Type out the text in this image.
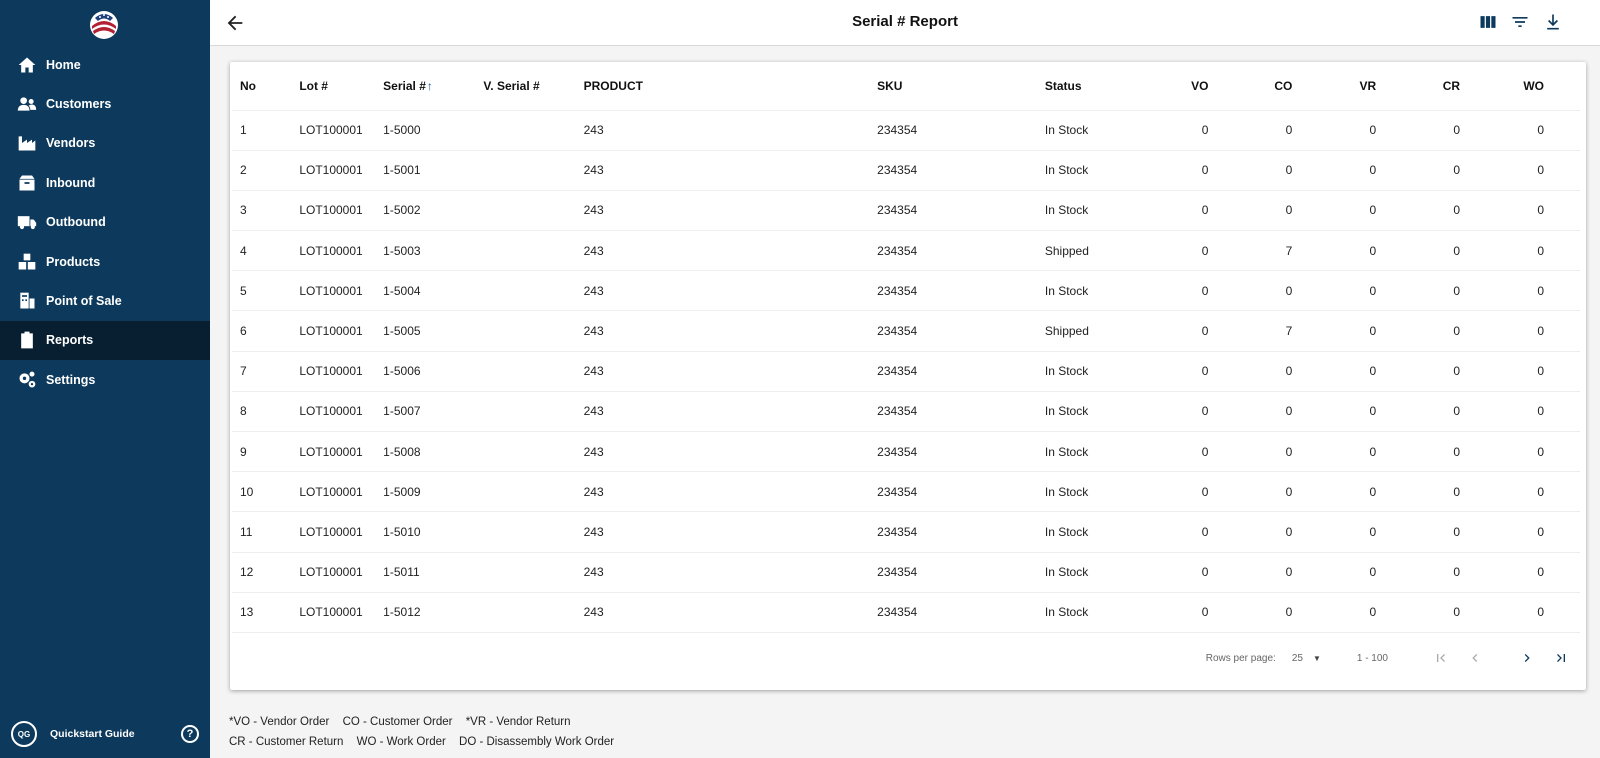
Home
Customers
Vendors
Inbound
Outbound
Products
Point of Sale
Reports
Settings
QG	Quickstart Guide	?
Serial # Report
No	Lot #	Serial #↑	V. Serial #	PRODUCT	SKU	Status	VO	CO	VR	CR	WO
1	LOT100001	1-5000		243	234354	In Stock	0	0	0	0	0
2	LOT100001	1-5001		243	234354	In Stock	0	0	0	0	0
3	LOT100001	1-5002		243	234354	In Stock	0	0	0	0	0
4	LOT100001	1-5003		243	234354	Shipped	0	7	0	0	0
5	LOT100001	1-5004		243	234354	In Stock	0	0	0	0	0
6	LOT100001	1-5005		243	234354	Shipped	0	7	0	0	0
7	LOT100001	1-5006		243	234354	In Stock	0	0	0	0	0
8	LOT100001	1-5007		243	234354	In Stock	0	0	0	0	0
9	LOT100001	1-5008		243	234354	In Stock	0	0	0	0	0
10	LOT100001	1-5009		243	234354	In Stock	0	0	0	0	0
11	LOT100001	1-5010		243	234354	In Stock	0	0	0	0	0
12	LOT100001	1-5011		243	234354	In Stock	0	0	0	0	0
13	LOT100001	1-5012		243	234354	In Stock	0	0	0	0	0
Rows per page: 25 ▼	1 - 100
*VO - Vendor Order CO - Customer Order *VR - Vendor Return
CR - Customer Return WO - Work Order DO - Disassembly Work Order
